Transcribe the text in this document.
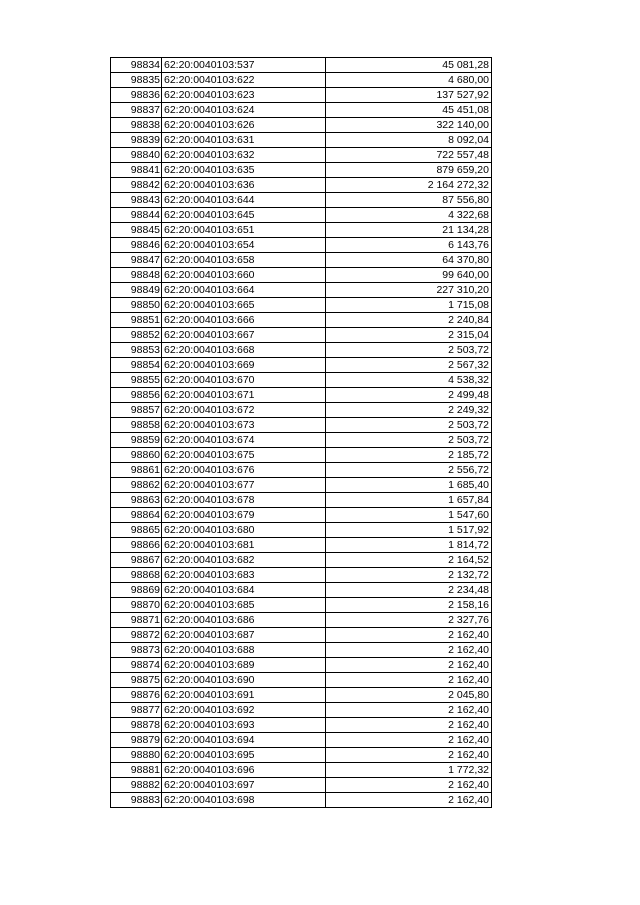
98834	62:20:0040103:537	45 081,28
98835	62:20:0040103:622	4 680,00
98836	62:20:0040103:623	137 527,92
98837	62:20:0040103:624	45 451,08
98838	62:20:0040103:626	322 140,00
98839	62:20:0040103:631	8 092,04
98840	62:20:0040103:632	722 557,48
98841	62:20:0040103:635	879 659,20
98842	62:20:0040103:636	2 164 272,32
98843	62:20:0040103:644	87 556,80
98844	62:20:0040103:645	4 322,68
98845	62:20:0040103:651	21 134,28
98846	62:20:0040103:654	6 143,76
98847	62:20:0040103:658	64 370,80
98848	62:20:0040103:660	99 640,00
98849	62:20:0040103:664	227 310,20
98850	62:20:0040103:665	1 715,08
98851	62:20:0040103:666	2 240,84
98852	62:20:0040103:667	2 315,04
98853	62:20:0040103:668	2 503,72
98854	62:20:0040103:669	2 567,32
98855	62:20:0040103:670	4 538,32
98856	62:20:0040103:671	2 499,48
98857	62:20:0040103:672	2 249,32
98858	62:20:0040103:673	2 503,72
98859	62:20:0040103:674	2 503,72
98860	62:20:0040103:675	2 185,72
98861	62:20:0040103:676	2 556,72
98862	62:20:0040103:677	1 685,40
98863	62:20:0040103:678	1 657,84
98864	62:20:0040103:679	1 547,60
98865	62:20:0040103:680	1 517,92
98866	62:20:0040103:681	1 814,72
98867	62:20:0040103:682	2 164,52
98868	62:20:0040103:683	2 132,72
98869	62:20:0040103:684	2 234,48
98870	62:20:0040103:685	2 158,16
98871	62:20:0040103:686	2 327,76
98872	62:20:0040103:687	2 162,40
98873	62:20:0040103:688	2 162,40
98874	62:20:0040103:689	2 162,40
98875	62:20:0040103:690	2 162,40
98876	62:20:0040103:691	2 045,80
98877	62:20:0040103:692	2 162,40
98878	62:20:0040103:693	2 162,40
98879	62:20:0040103:694	2 162,40
98880	62:20:0040103:695	2 162,40
98881	62:20:0040103:696	1 772,32
98882	62:20:0040103:697	2 162,40
98883	62:20:0040103:698	2 162,40
